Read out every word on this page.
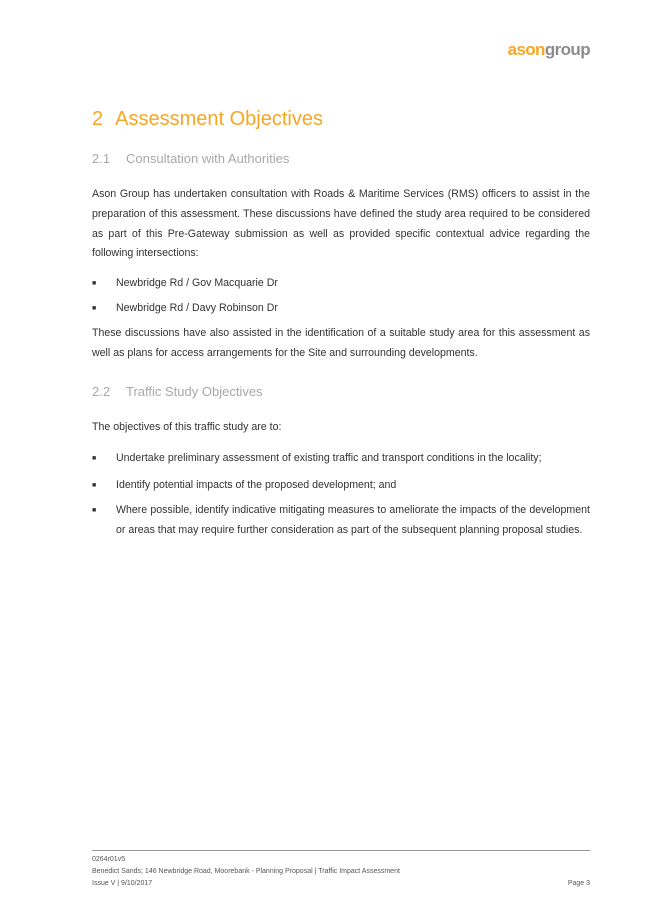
asongroup
2 Assessment Objectives
2.1 Consultation with Authorities

Ason Group has undertaken consultation with Roads & Maritime Services (RMS) officers to assist in the preparation of this assessment. These discussions have defined the study area required to be considered as part of this Pre-Gateway submission as well as provided specific contextual advice regarding the following intersections:

■	Newbridge Rd / Gov Macquarie Dr
■	Newbridge Rd / Davy Robinson Dr

These discussions have also assisted in the identification of a suitable study area for this assessment as well as plans for access arrangements for the Site and surrounding developments.

2.2 Traffic Study Objectives

The objectives of this traffic study are to:

■	Undertake preliminary assessment of existing traffic and transport conditions in the locality;
■	Identify potential impacts of the proposed development; and
■	Where possible, identify indicative mitigating measures to ameliorate the impacts of the development or areas that may require further consideration as part of the subsequent planning proposal studies.
0264r01v5
Benedict Sands; 146 Newbridge Road, Moorebank - Planning Proposal | Traffic Impact Assessment
Issue V | 9/10/2017	Page 3
